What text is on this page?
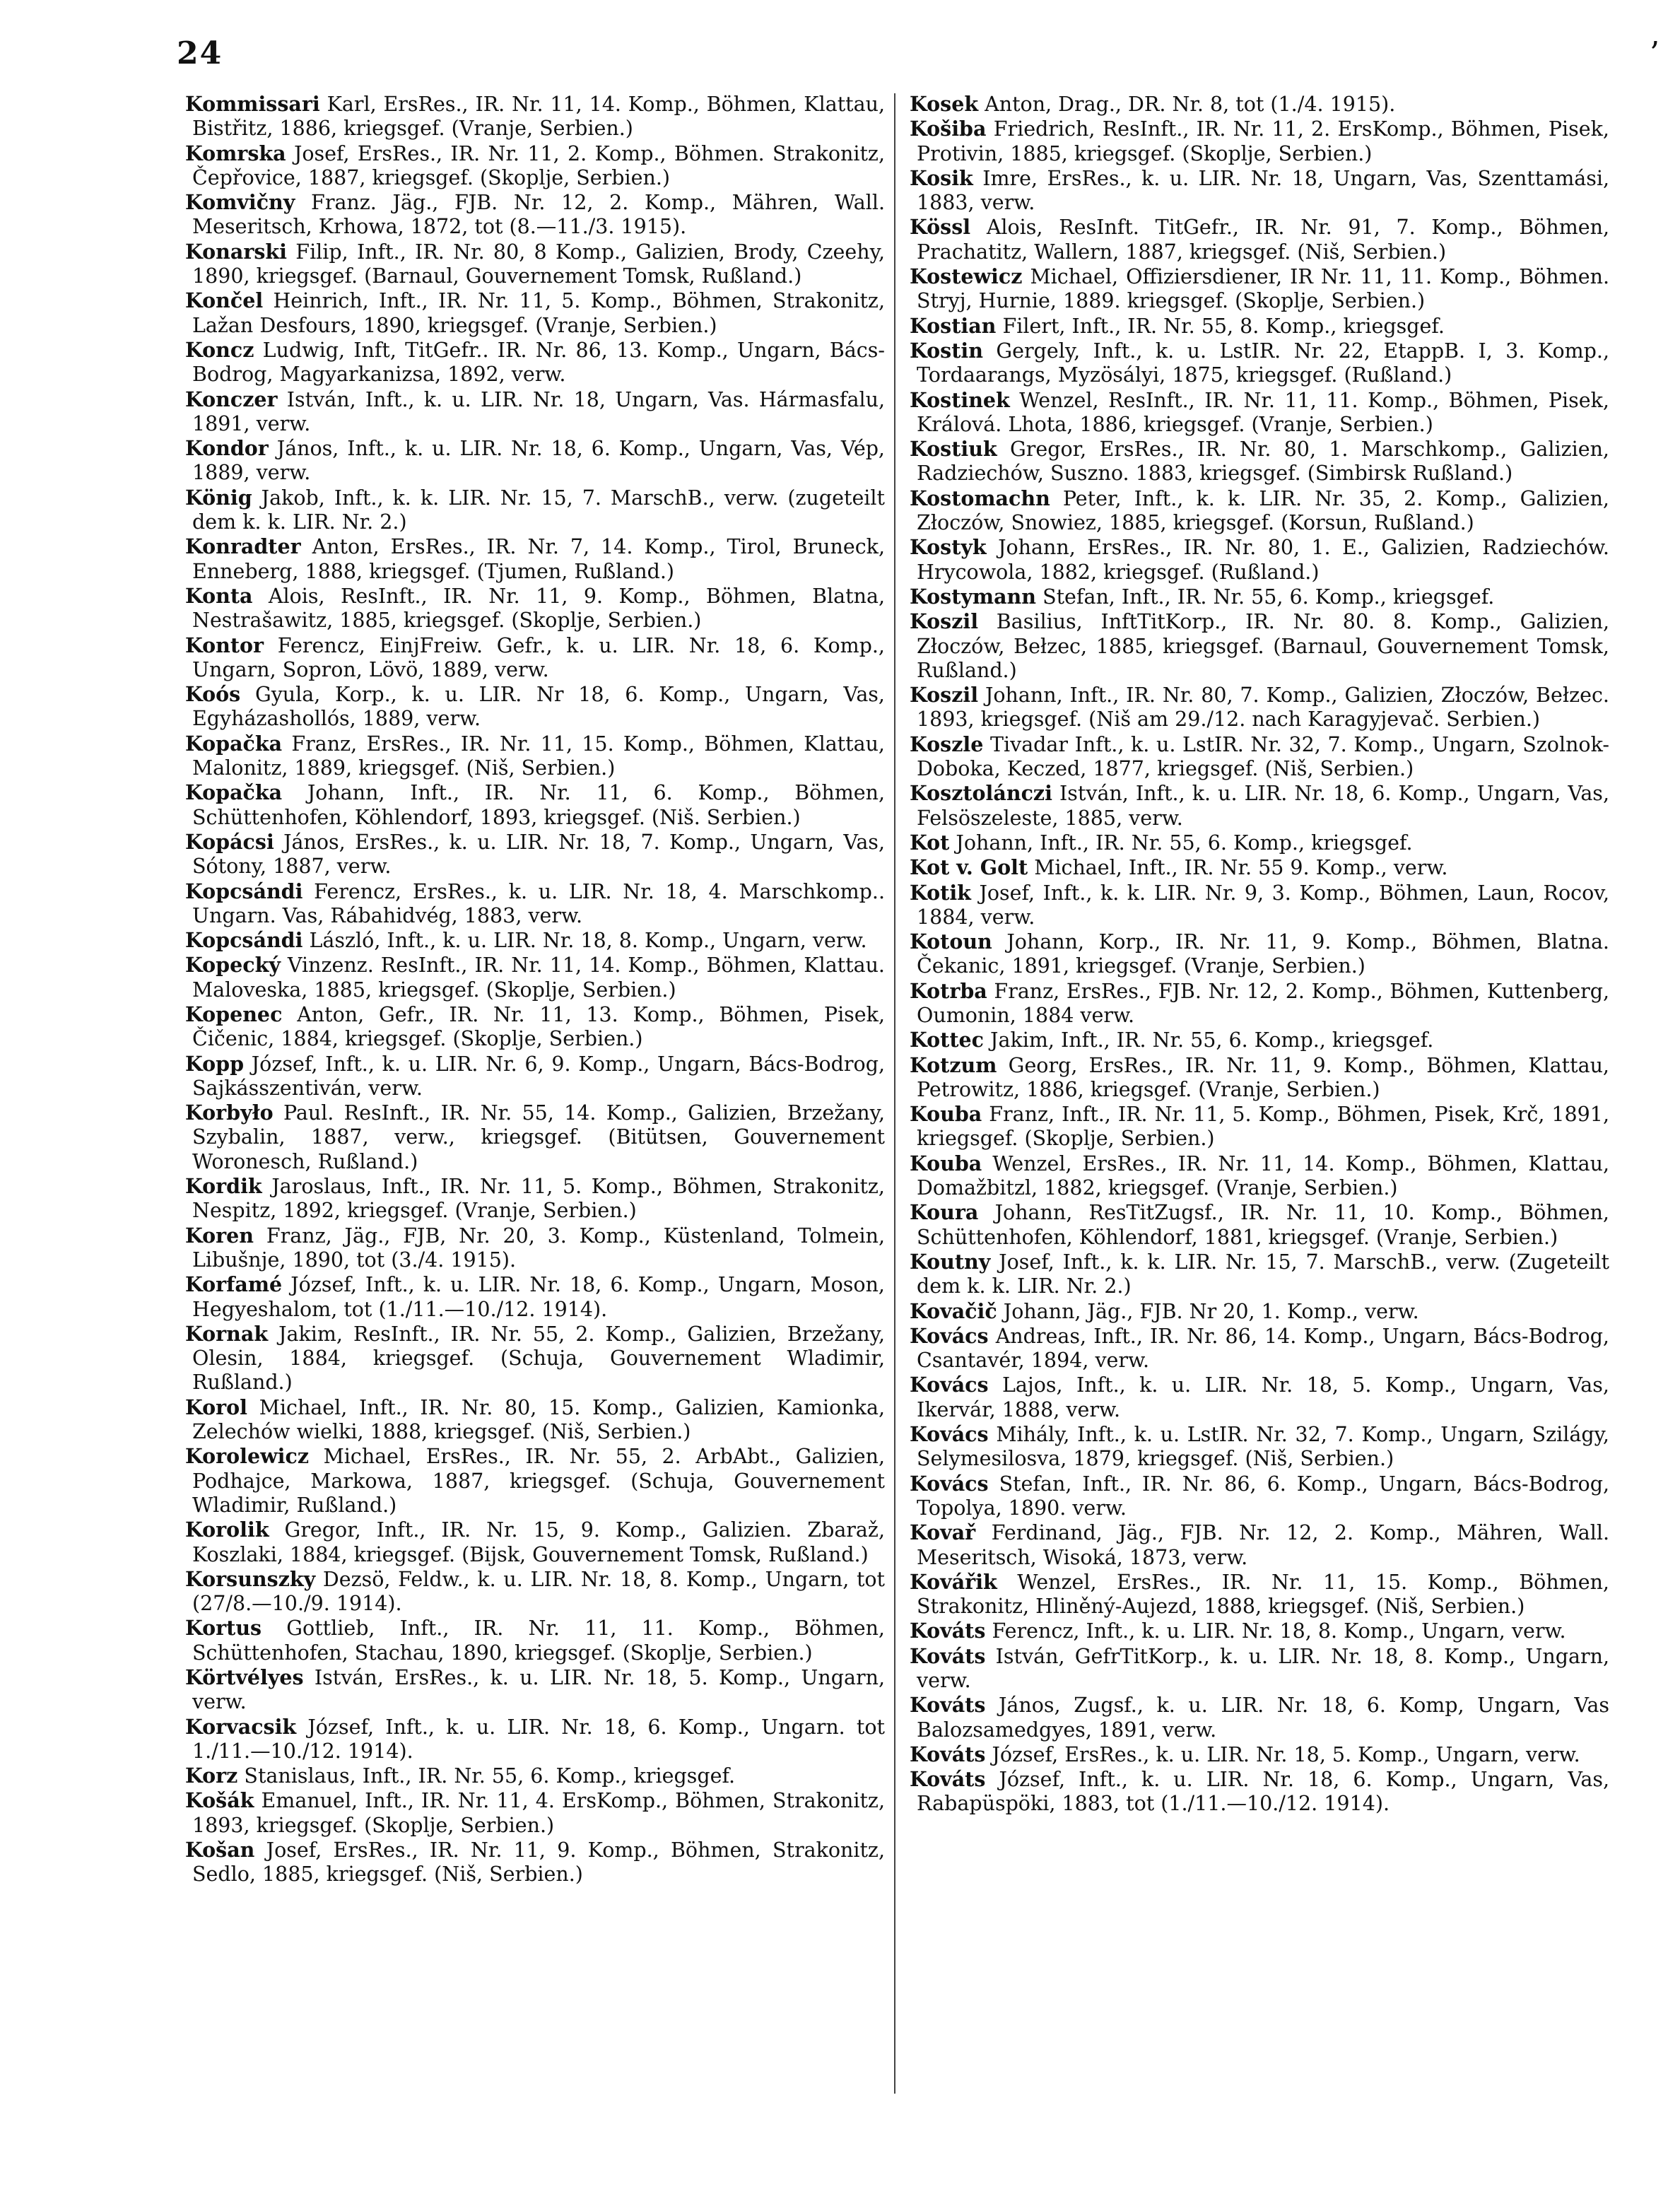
24	’

Kommissari Karl, ErsRes., IR. Nr. 11, 14. Komp., Böhmen, Klattau, Bistřitz, 1886, kriegsgef. (Vranje, Serbien.)

Komrska Josef, ErsRes., IR. Nr. 11, 2. Komp., Böhmen. Strakonitz, Čepřovice, 1887, kriegsgef. (Skoplje, Serbien.)

Komvičny Franz. Jäg., FJB. Nr. 12, 2. Komp., Mähren, Wall. Meseritsch, Krhowa, 1872, tot (8.—11./3. 1915).

Konarski Filip, Inft., IR. Nr. 80, 8 Komp., Galizien, Brody, Czeehy, 1890, kriegsgef. (Barnaul, Gouvernement Tomsk, Rußland.)

Končel Heinrich, Inft., IR. Nr. 11, 5. Komp., Böhmen, Strakonitz, Lažan Desfours, 1890, kriegsgef. (Vranje, Serbien.)

Koncz Ludwig, Inft, TitGefr.. IR. Nr. 86, 13. Komp., Ungarn, Bács-Bodrog, Magyarkanizsa, 1892, verw.

Konczer István, Inft., k. u. LIR. Nr. 18, Ungarn, Vas. Hármasfalu, 1891, verw.

Kondor János, Inft., k. u. LIR. Nr. 18, 6. Komp., Ungarn, Vas, Vép, 1889, verw.

König Jakob, Inft., k. k. LIR. Nr. 15, 7. MarschB., verw. (zugeteilt dem k. k. LIR. Nr. 2.)

Konradter Anton, ErsRes., IR. Nr. 7, 14. Komp., Tirol, Bruneck, Enneberg, 1888, kriegsgef. (Tjumen, Rußland.)

Konta Alois, ResInft., IR. Nr. 11, 9. Komp., Böhmen, Blatna, Nestrašawitz, 1885, kriegsgef. (Skoplje, Serbien.)

Kontor Ferencz, EinjFreiw. Gefr., k. u. LIR. Nr. 18, 6. Komp., Ungarn, Sopron, Lövö, 1889, verw.

Koós Gyula, Korp., k. u. LIR. Nr 18, 6. Komp., Ungarn, Vas, Egyházashollós, 1889, verw.

Kopačka Franz, ErsRes., IR. Nr. 11, 15. Komp., Böhmen, Klattau, Malonitz, 1889, kriegsgef. (Niš, Serbien.)

Kopačka Johann, Inft., IR. Nr. 11, 6. Komp., Böhmen, Schüttenhofen, Köhlendorf, 1893, kriegsgef. (Niš. Serbien.)

Kopácsi János, ErsRes., k. u. LIR. Nr. 18, 7. Komp., Ungarn, Vas, Sótony, 1887, verw.

Kopcsándi Ferencz, ErsRes., k. u. LIR. Nr. 18, 4. Marschkomp.. Ungarn. Vas, Rábahidvég, 1883, verw.

Kopcsándi László, Inft., k. u. LIR. Nr. 18, 8. Komp., Ungarn, verw.

Kopecký Vinzenz. ResInft., IR. Nr. 11, 14. Komp., Böhmen, Klattau. Maloveska, 1885, kriegsgef. (Skoplje, Serbien.)

Kopenec Anton, Gefr., IR. Nr. 11, 13. Komp., Böhmen, Pisek, Čičenic, 1884, kriegsgef. (Skoplje, Serbien.)

Kopp József, Inft., k. u. LIR. Nr. 6, 9. Komp., Ungarn, Bács-Bodrog, Sajkásszentiván, verw.

Korbyło Paul. ResInft., IR. Nr. 55, 14. Komp., Galizien, Brzežany, Szybalin, 1887, verw., kriegsgef. (Bitütsen, Gouvernement Woronesch, Rußland.)

Kordik Jaroslaus, Inft., IR. Nr. 11, 5. Komp., Böhmen, Strakonitz, Nespitz, 1892, kriegsgef. (Vranje, Serbien.)

Koren Franz, Jäg., FJB, Nr. 20, 3. Komp., Küstenland, Tolmein, Libušnje, 1890, tot (3./4. 1915).

Korfamé József, Inft., k. u. LIR. Nr. 18, 6. Komp., Ungarn, Moson, Hegyeshalom, tot (1./11.—10./12. 1914).

Kornak Jakim, ResInft., IR. Nr. 55, 2. Komp., Galizien, Brzežany, Olesin, 1884, kriegsgef. (Schuja, Gouvernement Wladimir, Rußland.)

Korol Michael, Inft., IR. Nr. 80, 15. Komp., Galizien, Kamionka, Zelechów wielki, 1888, kriegsgef. (Niš, Serbien.)

Korolewicz Michael, ErsRes., IR. Nr. 55, 2. ArbAbt., Galizien, Podhajce, Markowa, 1887, kriegsgef. (Schuja, Gouvernement Wladimir, Rußland.)

Korolik Gregor, Inft., IR. Nr. 15, 9. Komp., Galizien. Zbaraž, Koszlaki, 1884, kriegsgef. (Bijsk, Gouvernement Tomsk, Rußland.)

Korsunszky Dezsö, Feldw., k. u. LIR. Nr. 18, 8. Komp., Ungarn, tot (27/8.—10./9. 1914).

Kortus Gottlieb, Inft., IR. Nr. 11, 11. Komp., Böhmen, Schüttenhofen, Stachau, 1890, kriegsgef. (Skoplje, Serbien.)

Körtvélyes István, ErsRes., k. u. LIR. Nr. 18, 5. Komp., Ungarn, verw.

Korvacsik József, Inft., k. u. LIR. Nr. 18, 6. Komp., Ungarn. tot 1./11.—10./12. 1914).

Korz Stanislaus, Inft., IR. Nr. 55, 6. Komp., kriegsgef.

Košák Emanuel, Inft., IR. Nr. 11, 4. ErsKomp., Böhmen, Strakonitz, 1893, kriegsgef. (Skoplje, Serbien.)

Košan Josef, ErsRes., IR. Nr. 11, 9. Komp., Böhmen, Strakonitz, Sedlo, 1885, kriegsgef. (Niš, Serbien.)

Kosek Anton, Drag., DR. Nr. 8, tot (1./4. 1915).

Košiba Friedrich, ResInft., IR. Nr. 11, 2. ErsKomp., Böhmen, Pisek, Protivin, 1885, kriegsgef. (Skoplje, Serbien.)

Kosik Imre, ErsRes., k. u. LIR. Nr. 18, Ungarn, Vas, Szenttamási, 1883, verw.

Kössl Alois, ResInft. TitGefr., IR. Nr. 91, 7. Komp., Böhmen, Prachatitz, Wallern, 1887, kriegsgef. (Niš, Serbien.)

Kostewicz Michael, Offiziersdiener, IR Nr. 11, 11. Komp., Böhmen. Stryj, Hurnie, 1889. kriegsgef. (Skoplje, Serbien.)

Kostian Filert, Inft., IR. Nr. 55, 8. Komp., kriegsgef.

Kostin Gergely, Inft., k. u. LstIR. Nr. 22, EtappB. I, 3. Komp., Tordaarangs, Myzösályi, 1875, kriegsgef. (Rußland.)

Kostinek Wenzel, ResInft., IR. Nr. 11, 11. Komp., Böhmen, Pisek, Králová. Lhota, 1886, kriegsgef. (Vranje, Serbien.)

Kostiuk Gregor, ErsRes., IR. Nr. 80, 1. Marschkomp., Galizien, Radziechów, Suszno. 1883, kriegsgef. (Simbirsk Rußland.)

Kostomachn Peter, Inft., k. k. LIR. Nr. 35, 2. Komp., Galizien, Złoczów, Snowiez, 1885, kriegsgef. (Korsun, Rußland.)

Kostyk Johann, ErsRes., IR. Nr. 80, 1. E., Galizien, Radziechów. Hrycowola, 1882, kriegsgef. (Rußland.)

Kostymann Stefan, Inft., IR. Nr. 55, 6. Komp., kriegsgef.

Koszil Basilius, InftTitKorp., IR. Nr. 80. 8. Komp., Galizien, Złoczów, Bełzec, 1885, kriegsgef. (Barnaul, Gouvernement Tomsk, Rußland.)

Koszil Johann, Inft., IR. Nr. 80, 7. Komp., Galizien, Złoczów, Bełzec. 1893, kriegsgef. (Niš am 29./12. nach Karagyjevač. Serbien.)

Koszle Tivadar Inft., k. u. LstIR. Nr. 32, 7. Komp., Ungarn, Szolnok-Doboka, Keczed, 1877, kriegsgef. (Niš, Serbien.)

Kosztolánczi István, Inft., k. u. LIR. Nr. 18, 6. Komp., Ungarn, Vas, Felsöszeleste, 1885, verw.

Kot Johann, Inft., IR. Nr. 55, 6. Komp., kriegsgef.

Kot v. Golt Michael, Inft., IR. Nr. 55 9. Komp., verw.

Kotik Josef, Inft., k. k. LIR. Nr. 9, 3. Komp., Böhmen, Laun, Rocov, 1884, verw.

Kotoun Johann, Korp., IR. Nr. 11, 9. Komp., Böhmen, Blatna. Čekanic, 1891, kriegsgef. (Vranje, Serbien.)

Kotrba Franz, ErsRes., FJB. Nr. 12, 2. Komp., Böhmen, Kuttenberg, Oumonin, 1884 verw.

Kottec Jakim, Inft., IR. Nr. 55, 6. Komp., kriegsgef.

Kotzum Georg, ErsRes., IR. Nr. 11, 9. Komp., Böhmen, Klattau, Petrowitz, 1886, kriegsgef. (Vranje, Serbien.)

Kouba Franz, Inft., IR. Nr. 11, 5. Komp., Böhmen, Pisek, Krč, 1891, kriegsgef. (Skoplje, Serbien.)

Kouba Wenzel, ErsRes., IR. Nr. 11, 14. Komp., Böhmen, Klattau, Domažbitzl, 1882, kriegsgef. (Vranje, Serbien.)

Koura Johann, ResTitZugsf., IR. Nr. 11, 10. Komp., Böhmen, Schüttenhofen, Köhlendorf, 1881, kriegsgef. (Vranje, Serbien.)

Koutny Josef, Inft., k. k. LIR. Nr. 15, 7. MarschB., verw. (Zugeteilt dem k. k. LIR. Nr. 2.)

Kovačič Johann, Jäg., FJB. Nr 20, 1. Komp., verw.

Kovács Andreas, Inft., IR. Nr. 86, 14. Komp., Ungarn, Bács-Bodrog, Csantavér, 1894, verw.

Kovács Lajos, Inft., k. u. LIR. Nr. 18, 5. Komp., Ungarn, Vas, Ikervár, 1888, verw.

Kovács Mihály, Inft., k. u. LstIR. Nr. 32, 7. Komp., Ungarn, Szilágy, Selymesilosva, 1879, kriegsgef. (Niš, Serbien.)

Kovács Stefan, Inft., IR. Nr. 86, 6. Komp., Ungarn, Bács-Bodrog, Topolya, 1890. verw.

Kovař Ferdinand, Jäg., FJB. Nr. 12, 2. Komp., Mähren, Wall. Meseritsch, Wisoká, 1873, verw.

Kovářik Wenzel, ErsRes., IR. Nr. 11, 15. Komp., Böhmen, Strakonitz, Hliněný-Aujezd, 1888, kriegsgef. (Niš, Serbien.)

Kováts Ferencz, Inft., k. u. LIR. Nr. 18, 8. Komp., Ungarn, verw.

Kováts István, GefrTitKorp., k. u. LIR. Nr. 18, 8. Komp., Ungarn, verw.

Kováts János, Zugsf., k. u. LIR. Nr. 18, 6. Komp, Ungarn, Vas Balozsamedgyes, 1891, verw.

Kováts József, ErsRes., k. u. LIR. Nr. 18, 5. Komp., Ungarn, verw.

Kováts József, Inft., k. u. LIR. Nr. 18, 6. Komp., Ungarn, Vas, Rabapüspöki, 1883, tot (1./11.—10./12. 1914).
